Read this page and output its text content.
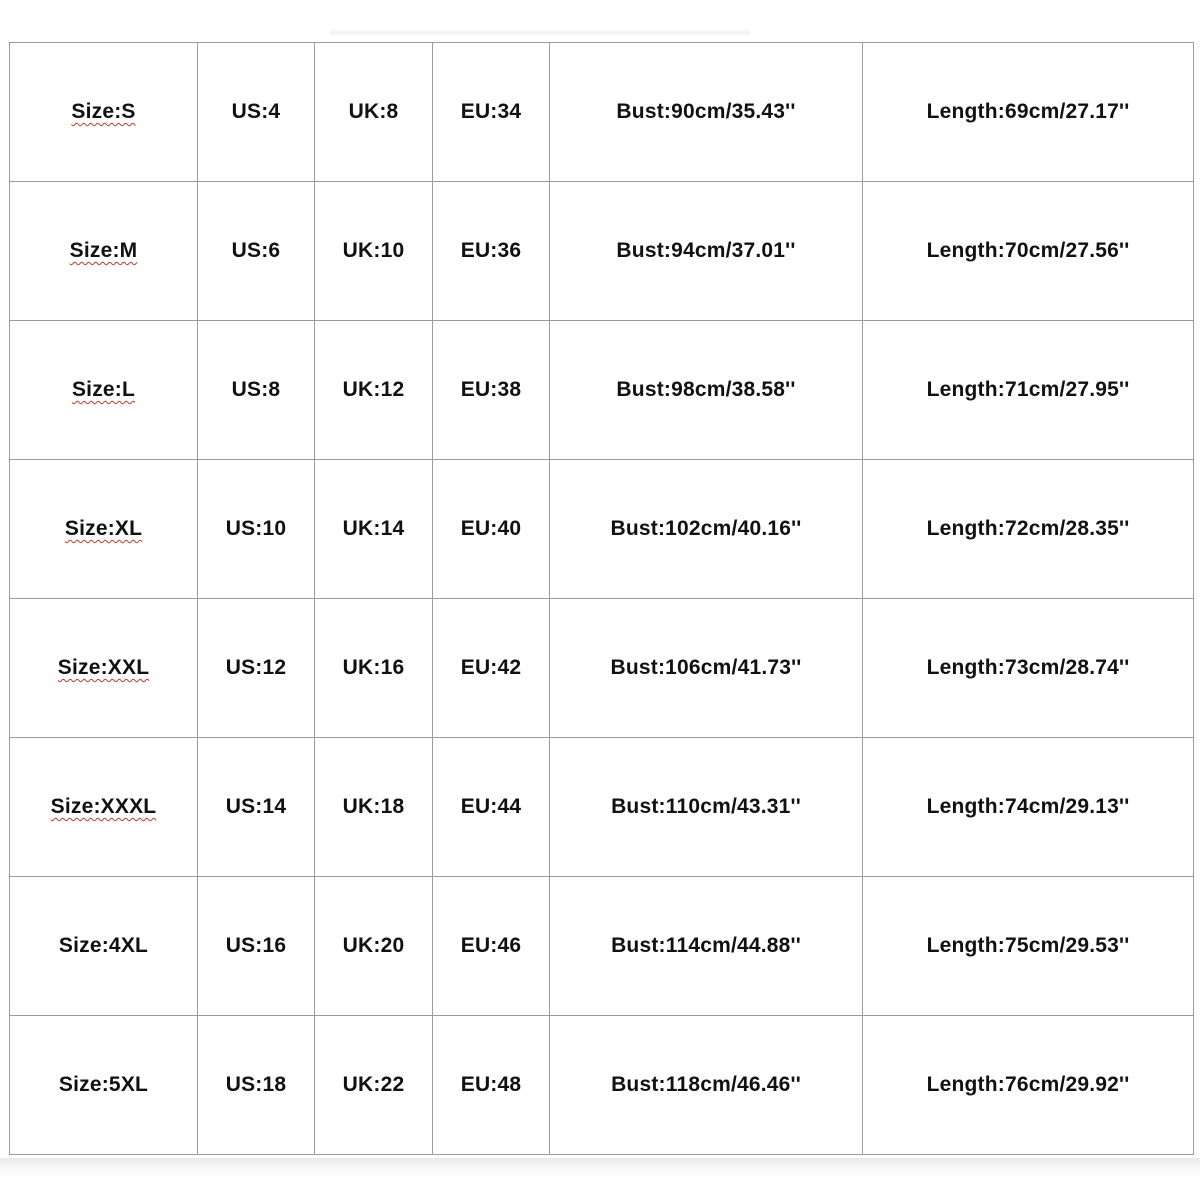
Size:S	US:4	UK:8	EU:34	Bust:90cm/35.43''	Length:69cm/27.17''
Size:M	US:6	UK:10	EU:36	Bust:94cm/37.01''	Length:70cm/27.56''
Size:L	US:8	UK:12	EU:38	Bust:98cm/38.58''	Length:71cm/27.95''
Size:XL	US:10	UK:14	EU:40	Bust:102cm/40.16''	Length:72cm/28.35''
Size:XXL	US:12	UK:16	EU:42	Bust:106cm/41.73''	Length:73cm/28.74''
Size:XXXL	US:14	UK:18	EU:44	Bust:110cm/43.31''	Length:74cm/29.13''
Size:4XL	US:16	UK:20	EU:46	Bust:114cm/44.88''	Length:75cm/29.53''
Size:5XL	US:18	UK:22	EU:48	Bust:118cm/46.46''	Length:76cm/29.92''
